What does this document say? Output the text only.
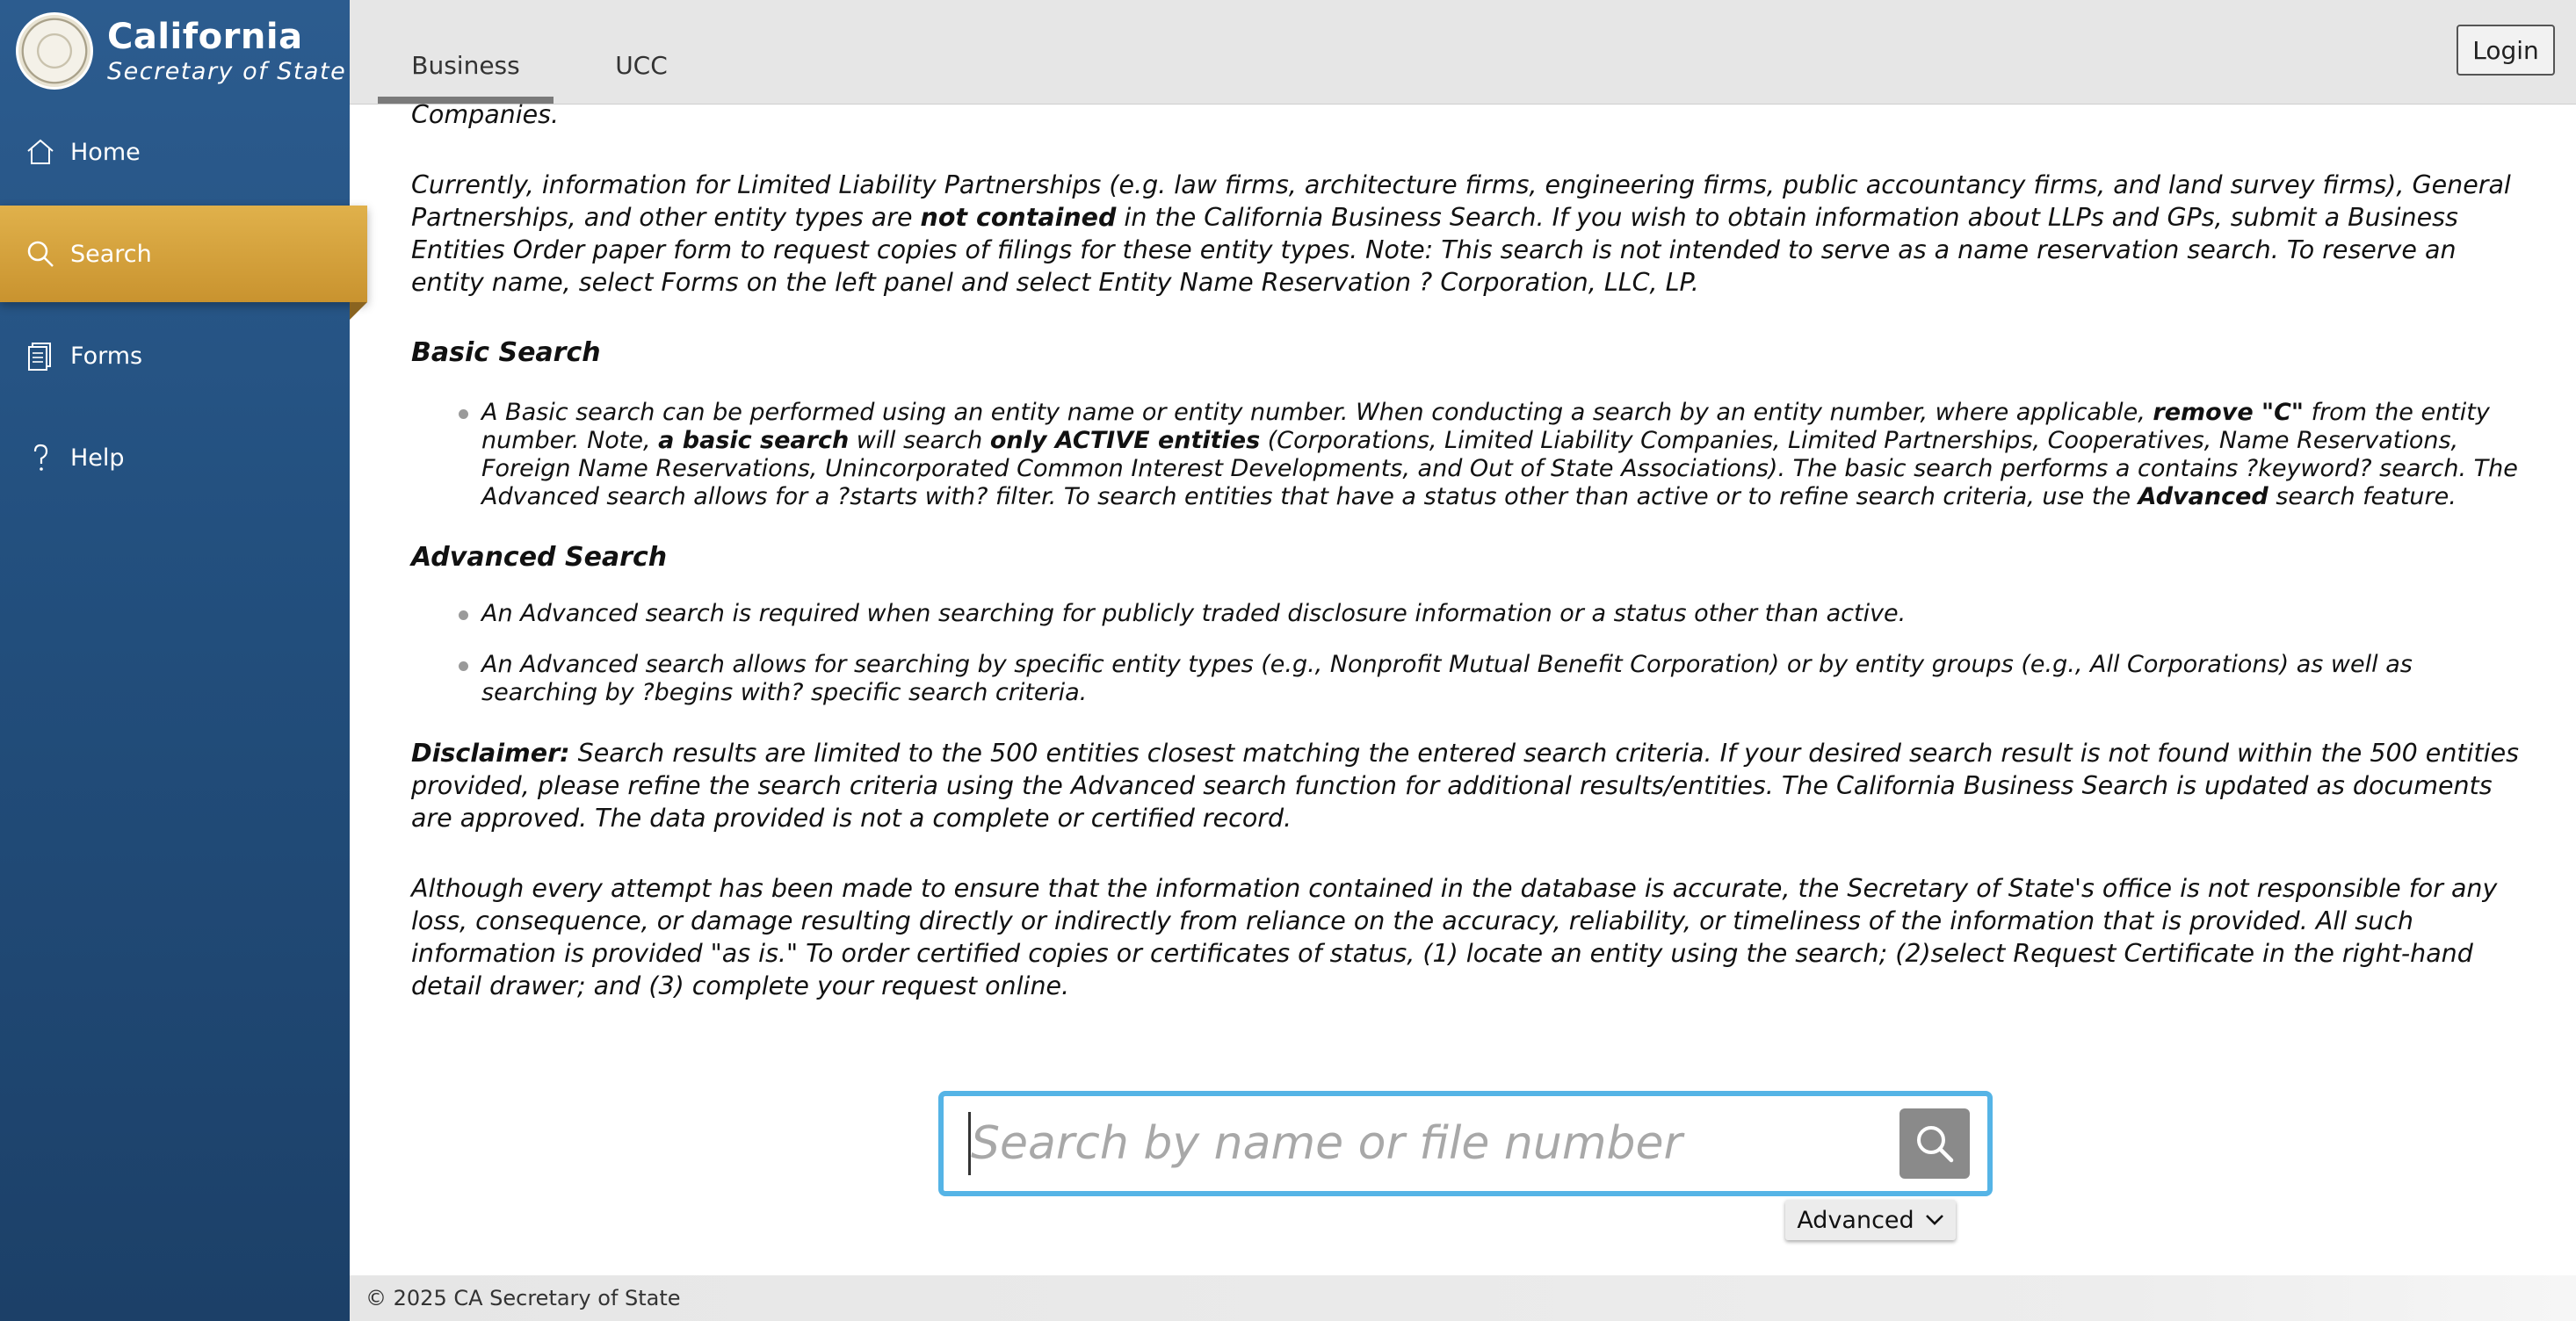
California
Secretary of State
Home
Search
Forms
Help
Business	UCC
Login

Companies.

Currently, information for Limited Liability Partnerships (e.g. law firms, architecture firms, engineering firms, public accountancy firms, and land survey firms), General Partnerships, and other entity types are not contained in the California Business Search. If you wish to obtain information about LLPs and GPs, submit a Business Entities Order paper form to request copies of filings for these entity types. Note: This search is not intended to serve as a name reservation search. To reserve an entity name, select Forms on the left panel and select Entity Name Reservation ? Corporation, LLC, LP.

Basic Search

A Basic search can be performed using an entity name or entity number. When conducting a search by an entity number, where applicable, remove "C" from the entity number. Note, a basic search will search only ACTIVE entities (Corporations, Limited Liability Companies, Limited Partnerships, Cooperatives, Name Reservations, Foreign Name Reservations, Unincorporated Common Interest Developments, and Out of State Associations). The basic search performs a contains ?keyword? search. The Advanced search allows for a ?starts with? filter. To search entities that have a status other than active or to refine search criteria, use the Advanced search feature.

Advanced Search

An Advanced search is required when searching for publicly traded disclosure information or a status other than active.
An Advanced search allows for searching by specific entity types (e.g., Nonprofit Mutual Benefit Corporation) or by entity groups (e.g., All Corporations) as well as searching by ?begins with? specific search criteria.

Disclaimer: Search results are limited to the 500 entities closest matching the entered search criteria. If your desired search result is not found within the 500 entities provided, please refine the search criteria using the Advanced search function for additional results/entities. The California Business Search is updated as documents are approved. The data provided is not a complete or certified record.

Although every attempt has been made to ensure that the information contained in the database is accurate, the Secretary of State's office is not responsible for any loss, consequence, or damage resulting directly or indirectly from reliance on the accuracy, reliability, or timeliness of the information that is provided. All such information is provided "as is." To order certified copies or certificates of status, (1) locate an entity using the search; (2)select Request Certificate in the right-hand detail drawer; and (3) complete your request online.

Search by name or file number
Advanced
© 2025 CA Secretary of State
